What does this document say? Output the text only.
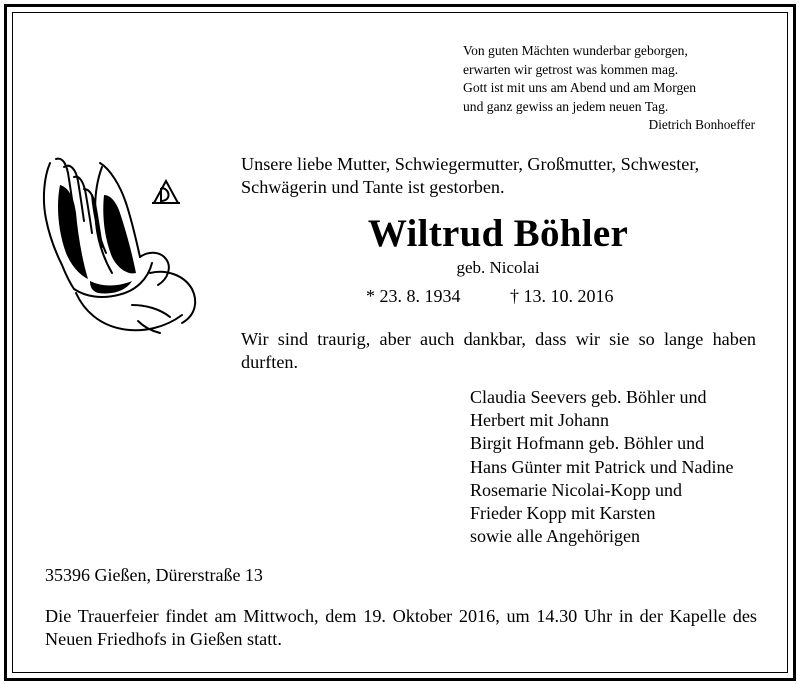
Von guten Mächten wunderbar geborgen,
erwarten wir getrost was kommen mag.
Gott ist mit uns am Abend und am Morgen
und ganz gewiss an jedem neuen Tag.
Dietrich Bonhoeffer
Unsere liebe Mutter, Schwiegermutter, Großmutter, Schwester, Schwägerin und Tante ist gestorben.
Wiltrud Böhler
geb. Nicolai
* 23. 8. 1934	† 13. 10. 2016
Wir sind traurig, aber auch dankbar, dass wir sie so lange haben durften.
Claudia Seevers geb. Böhler und
Herbert mit Johann
Birgit Hofmann geb. Böhler und
Hans Günter mit Patrick und Nadine
Rosemarie Nicolai-Kopp und
Frieder Kopp mit Karsten
sowie alle Angehörigen
35396 Gießen, Dürerstraße 13
Die Trauerfeier findet am Mittwoch, dem 19. Oktober 2016, um 14.30 Uhr in der Kapelle des Neuen Friedhofs in Gießen statt.
